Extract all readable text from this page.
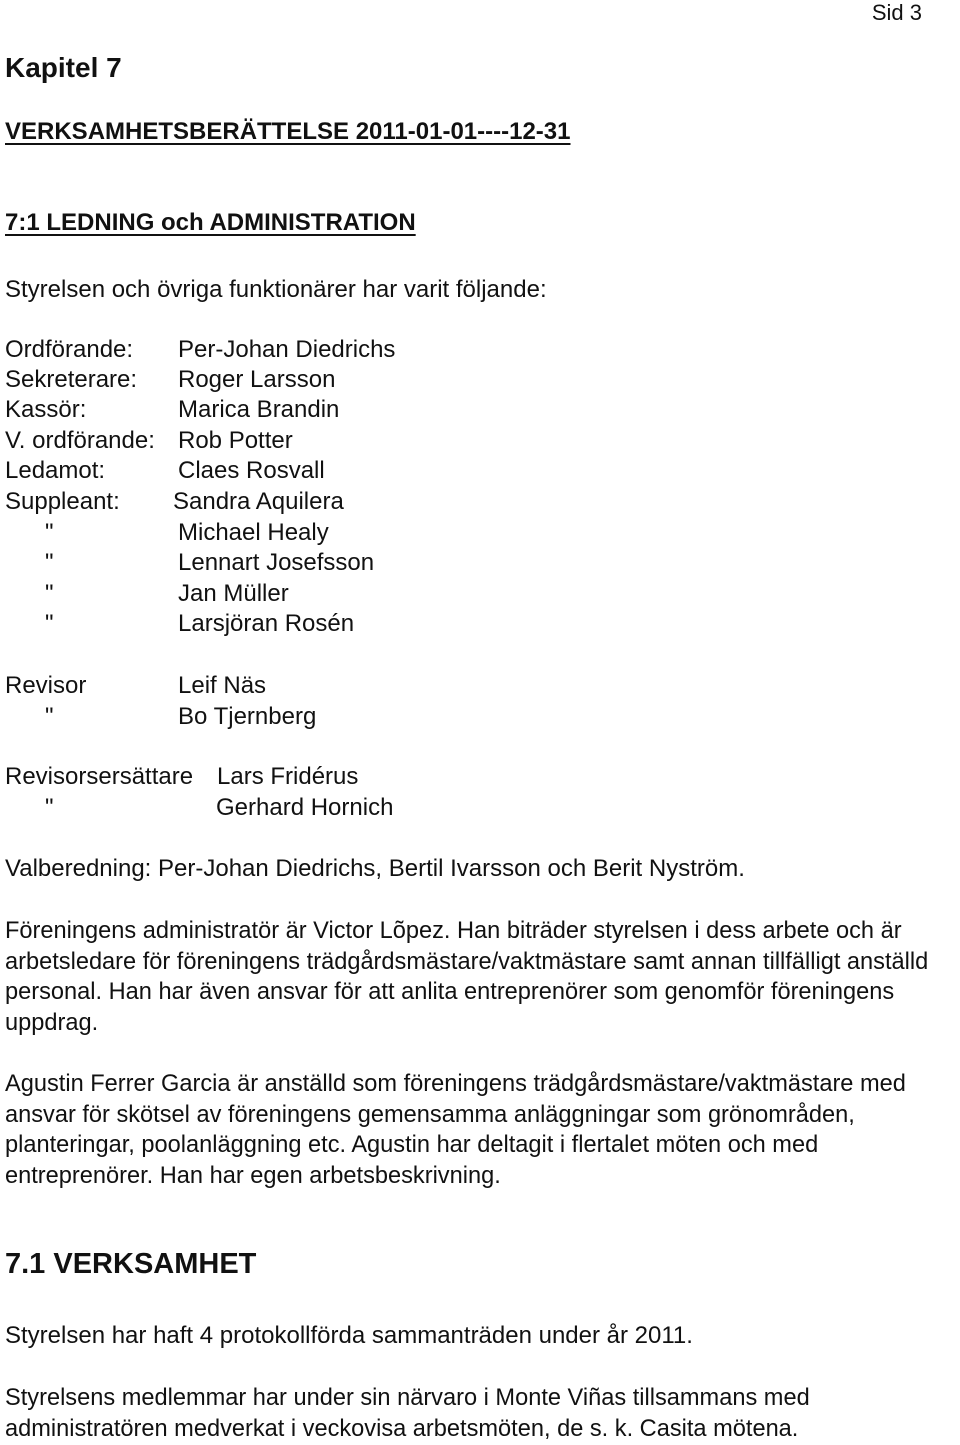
Sid 3
Kapitel 7
VERKSAMHETSBERÄTTELSE 2011-01-01----12-31
7:1 LEDNING och ADMINISTRATION
Styrelsen och övriga funktionärer har varit följande:
Ordförande: Per-Johan Diedrichs
Sekreterare: Roger Larsson
Kassör:	Marica Brandin
V. ordförande: Rob Potter
Ledamot:	Claes Rosvall
Suppleant: Sandra Aquilera
"	Michael Healy
"	Lennart Josefsson
"	Jan Müller
"	Larsjöran Rosén
Revisor	Leif Näs
"	Bo Tjernberg
Revisorsersättare Lars Fridérus
"	Gerhard Hornich
Valberedning: Per-Johan Diedrichs, Bertil Ivarsson och Berit Nyström.
Föreningens administratör är Victor Lõpez. Han biträder styrelsen i dess arbete och är arbetsledare för föreningens trädgårdsmästare/vaktmästare samt annan tillfälligt anställd personal. Han har även ansvar för att anlita entreprenörer som genomför föreningens uppdrag.
Agustin Ferrer Garcia är anställd som föreningens trädgårdsmästare/vaktmästare med ansvar för skötsel av föreningens gemensamma anläggningar som grönområden, planteringar, poolanläggning etc. Agustin har deltagit i flertalet möten och med entreprenörer. Han har egen arbetsbeskrivning.
7.1 VERKSAMHET
Styrelsen har haft 4 protokollförda sammanträden under år 2011.
Styrelsens medlemmar har under sin närvaro i Monte Viñas tillsammans med administratören medverkat i veckovisa arbetsmöten, de s. k. Casita mötena.
